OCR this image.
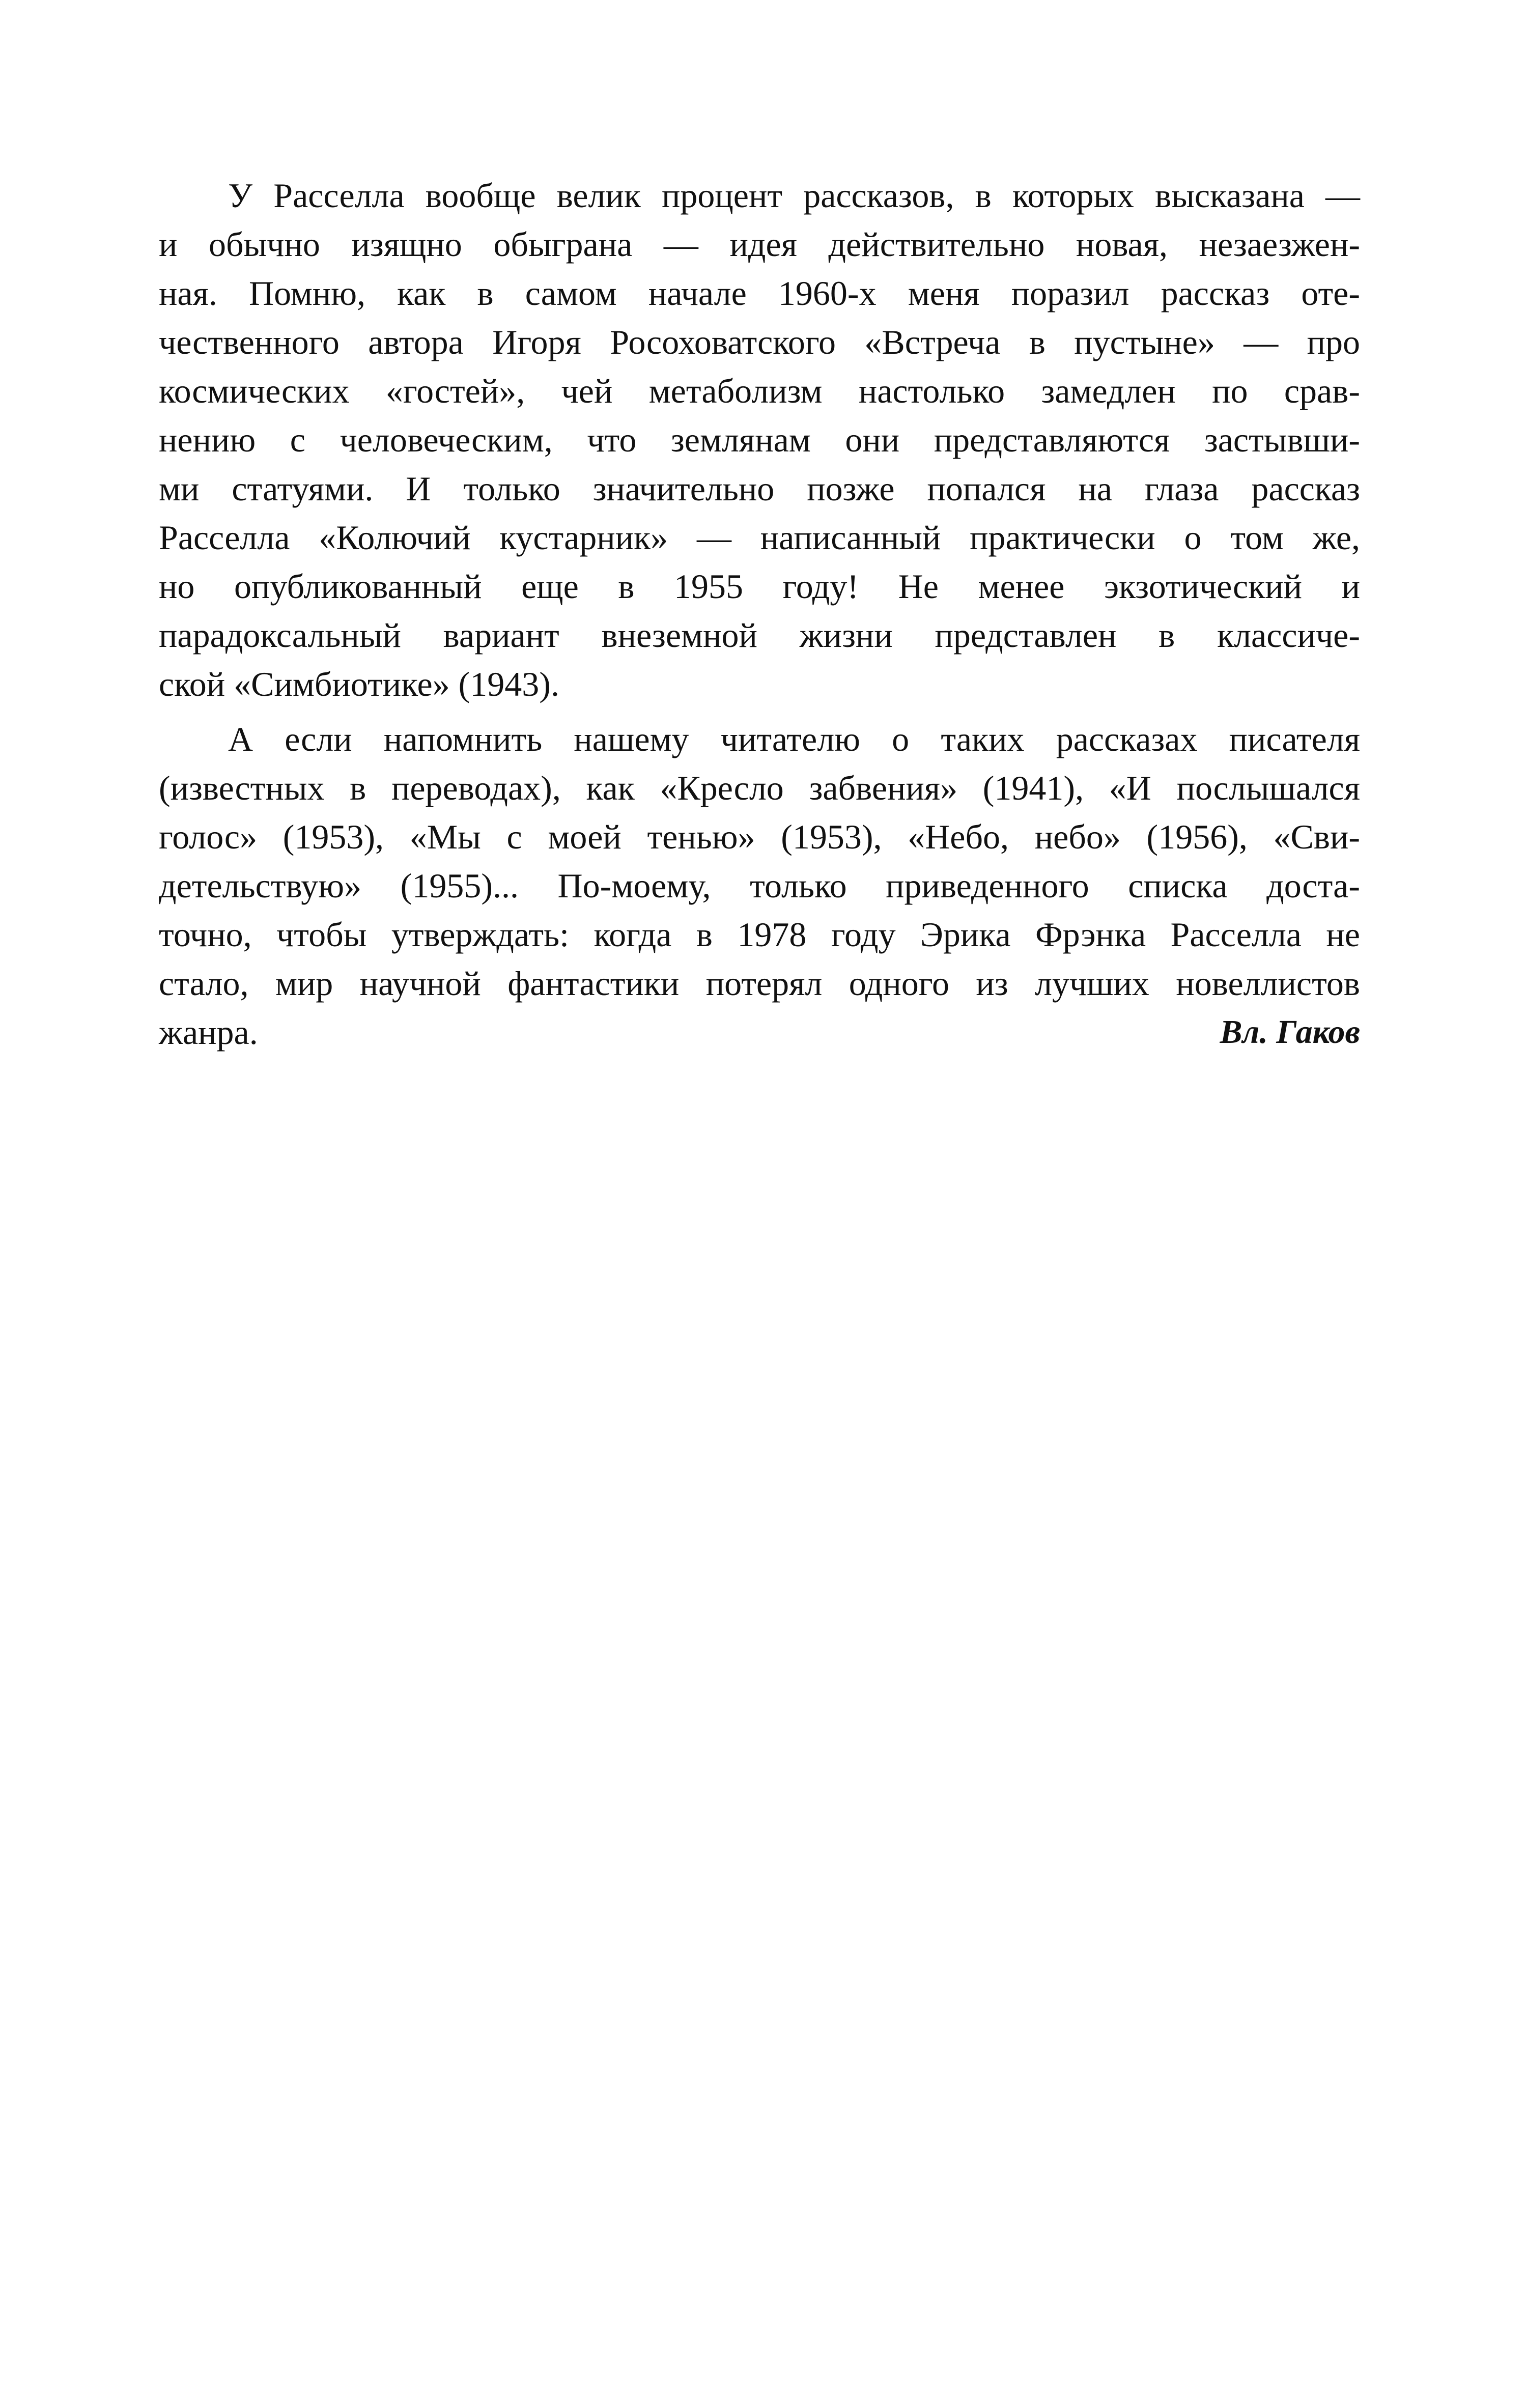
У Расселла вообще велик процент рассказов, в которых высказана —
и обычно изящно обыграна — идея действительно новая, незаезжен-
ная. Помню, как в самом начале 1960-х меня поразил рассказ оте-
чественного автора Игоря Росоховатского «Встреча в пустыне» — про
космических «гостей», чей метаболизм настолько замедлен по срав-
нению с человеческим, что землянам они представляются застывши-
ми статуями. И только значительно позже попался на глаза рассказ
Расселла «Колючий кустарник» — написанный практически о том же,
но опубликованный еще в 1955 году! Не менее экзотический и
парадоксальный вариант внеземной жизни представлен в классиче-
ской «Симбиотике» (1943).
А если напомнить нашему читателю о таких рассказах писателя
(известных в переводах), как «Кресло забвения» (1941), «И послышался
голос» (1953), «Мы с моей тенью» (1953), «Небо, небо» (1956), «Сви-
детельствую» (1955)... По-моему, только приведенного списка доста-
точно, чтобы утверждать: когда в 1978 году Эрика Фрэнка Расселла не
стало, мир научной фантастики потерял одного из лучших новеллистов
жанра.	Вл. Гаков
